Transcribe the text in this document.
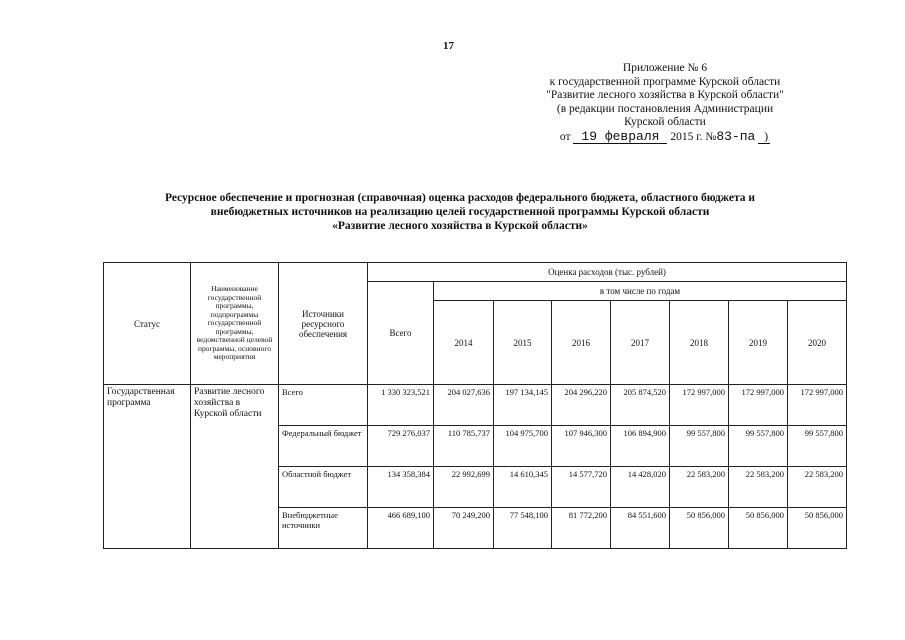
17
Приложение № 6
к государственной программе Курской области
"Развитие лесного хозяйства в Курской области"
(в редакции постановления Администрации
Курской области
от 19 февраля 2015 г. №83-па )
Ресурсное обеспечение и прогнозная (справочная) оценка расходов федерального бюджета, областного бюджета и
внебюджетных источников на реализацию целей государственной программы Курской области
«Развитие лесного хозяйства в Курской области»
Статус	Наименование государственной программы, подпрограммы государственной программы, ведомственной целевой программы, основного мероприятия	Источники ресурсного обеспечения	Оценка расходов (тыс. рублей)							
			Всего	в том числе по годам						
				2014	2015	2016	2017	2018	2019	2020
Государственная программа	Развитие лесного хозяйства в Курской области	Всего	1 330 323,521	204 027,636	197 134,145	204 296,220	205 874,520	172 997,000	172 997,000	172 997,000
		Федеральный бюджет	729 276,037	110 785,737	104 975,700	107 946,300	106 894,900	99 557,800	99 557,800	99 557,800
		Областной бюджет	134 358,384	22 992,699	14 610,345	14 577,720	14 428,020	22 583,200	22 583,200	22 583,200
		Внебюджетные источники	466 689,100	70 249,200	77 548,100	81 772,200	84 551,600	50 856,000	50 856,000	50 856,000
